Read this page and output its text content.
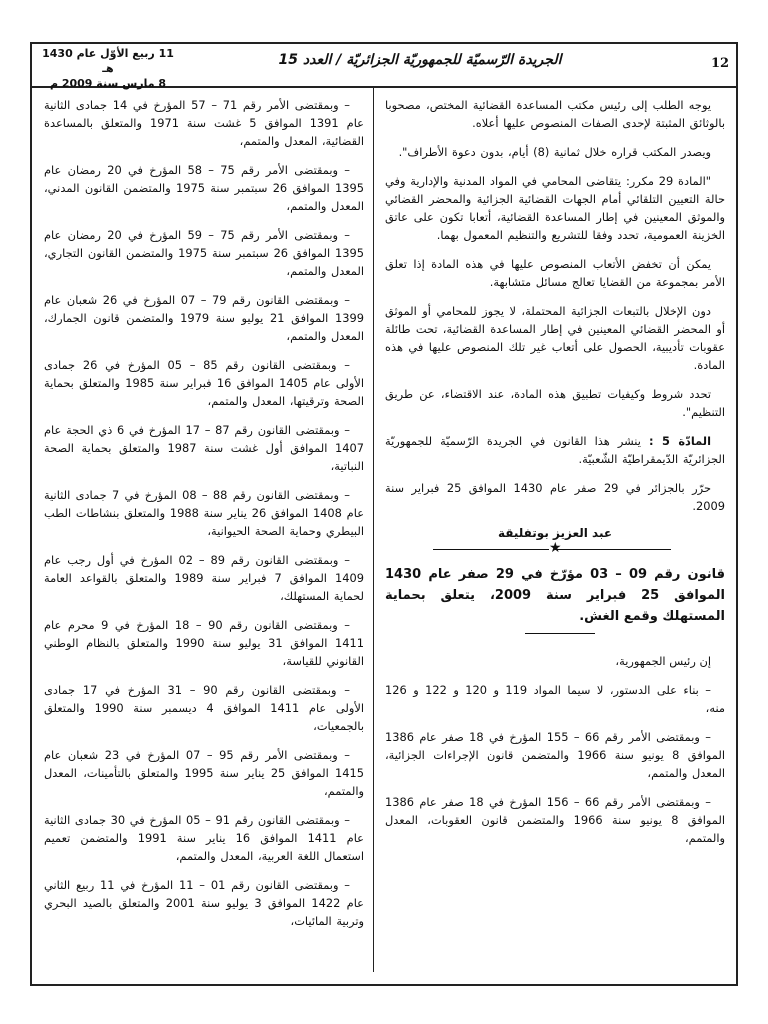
12
الجريدة الرّسميّة للجمهوريّة الجزائريّة / العدد 15
11 ربيع الأوّل عام 1430 هـ
8 مارس سنة 2009 م

يوجه الطلب إلى رئيس مكتب المساعدة القضائية المختص، مصحوبا بالوثائق المثبتة لإحدى الصفات المنصوص عليها أعلاه.

ويصدر المكتب قراره خلال ثمانية (8) أيام، بدون دعوة الأطراف".

"المادة 29 مكرر: يتقاضى المحامي في المواد المدنية والإدارية وفي حالة التعيين التلقائي أمام الجهات القضائية الجزائية والمحضر القضائي والموثق المعينين في إطار المساعدة القضائية، أتعابا تكون على عاتق الخزينة العمومية، تحدد وفقا للتشريع والتنظيم المعمول بهما.

يمكن أن تخفض الأتعاب المنصوص عليها في هذه المادة إذا تعلق الأمر بمجموعة من القضايا تعالج مسائل متشابهة.

دون الإخلال بالتبعات الجزائية المحتملة، لا يجوز للمحامي أو الموثق أو المحضر القضائي المعينين في إطار المساعدة القضائية، تحت طائلة عقوبات تأديبية، الحصول على أتعاب غير تلك المنصوص عليها في هذه المادة.

تحدد شروط وكيفيات تطبيق هذه المادة، عند الاقتضاء، عن طريق التنظيم".

المادّة 5 : ينشر هذا القانون في الجريدة الرّسميّة للجمهوريّة الجزائريّة الدّيمقراطيّة الشّعبيّة.

حرّر بالجزائر في 29 صفر عام 1430 الموافق 25 فبراير سنة 2009.

عبد العزيز بوتفليقة
★
قانون رقم 09 – 03 مؤرّخ في 29 صفر عام 1430 الموافق 25 فبراير سنة 2009، يتعلق بحماية المستهلك وقمع الغش.

إن رئيس الجمهورية،

– بناء على الدستور، لا سيما المواد 119 و 120 و 122 و 126 منه،

– وبمقتضى الأمر رقم 66 – 155 المؤرخ في 18 صفر عام 1386 الموافق 8 يونيو سنة 1966 والمتضمن قانون الإجراءات الجزائية، المعدل والمتمم،

– وبمقتضى الأمر رقم 66 – 156 المؤرخ في 18 صفر عام 1386 الموافق 8 يونيو سنة 1966 والمتضمن قانون العقوبات، المعدل والمتمم،

– وبمقتضى الأمر رقم 71 – 57 المؤرخ في 14 جمادى الثانية عام 1391 الموافق 5 غشت سنة 1971 والمتعلق بالمساعدة القضائية، المعدل والمتمم،

– وبمقتضى الأمر رقم 75 – 58 المؤرخ في 20 رمضان عام 1395 الموافق 26 سبتمبر سنة 1975 والمتضمن القانون المدني، المعدل والمتمم،

– وبمقتضى الأمر رقم 75 – 59 المؤرخ في 20 رمضان عام 1395 الموافق 26 سبتمبر سنة 1975 والمتضمن القانون التجاري، المعدل والمتمم،

– وبمقتضى القانون رقم 79 – 07 المؤرخ في 26 شعبان عام 1399 الموافق 21 يوليو سنة 1979 والمتضمن قانون الجمارك، المعدل والمتمم،

– وبمقتضى القانون رقم 85 – 05 المؤرخ في 26 جمادى الأولى عام 1405 الموافق 16 فبراير سنة 1985 والمتعلق بحماية الصحة وترقيتها، المعدل والمتمم،

– وبمقتضى القانون رقم 87 – 17 المؤرخ في 6 ذي الحجة عام 1407 الموافق أول غشت سنة 1987 والمتعلق بحماية الصحة النباتية،

– وبمقتضى القانون رقم 88 – 08 المؤرخ في 7 جمادى الثانية عام 1408 الموافق 26 يناير سنة 1988 والمتعلق بنشاطات الطب البيطري وحماية الصحة الحيوانية،

– وبمقتضى القانون رقم 89 – 02 المؤرخ في أول رجب عام 1409 الموافق 7 فبراير سنة 1989 والمتعلق بالقواعد العامة لحماية المستهلك،

– وبمقتضى القانون رقم 90 – 18 المؤرخ في 9 محرم عام 1411 الموافق 31 يوليو سنة 1990 والمتعلق بالنظام الوطني القانوني للقياسة،

– وبمقتضى القانون رقم 90 – 31 المؤرخ في 17 جمادى الأولى عام 1411 الموافق 4 ديسمبر سنة 1990 والمتعلق بالجمعيات،

– وبمقتضى الأمر رقم 95 – 07 المؤرخ في 23 شعبان عام 1415 الموافق 25 يناير سنة 1995 والمتعلق بالتأمينات، المعدل والمتمم،

– وبمقتضى القانون رقم 91 – 05 المؤرخ في 30 جمادى الثانية عام 1411 الموافق 16 يناير سنة 1991 والمتضمن تعميم استعمال اللغة العربية، المعدل والمتمم،

– وبمقتضى القانون رقم 01 – 11 المؤرخ في 11 ربيع الثاني عام 1422 الموافق 3 يوليو سنة 2001 والمتعلق بالصيد البحري وتربية المائيات،
